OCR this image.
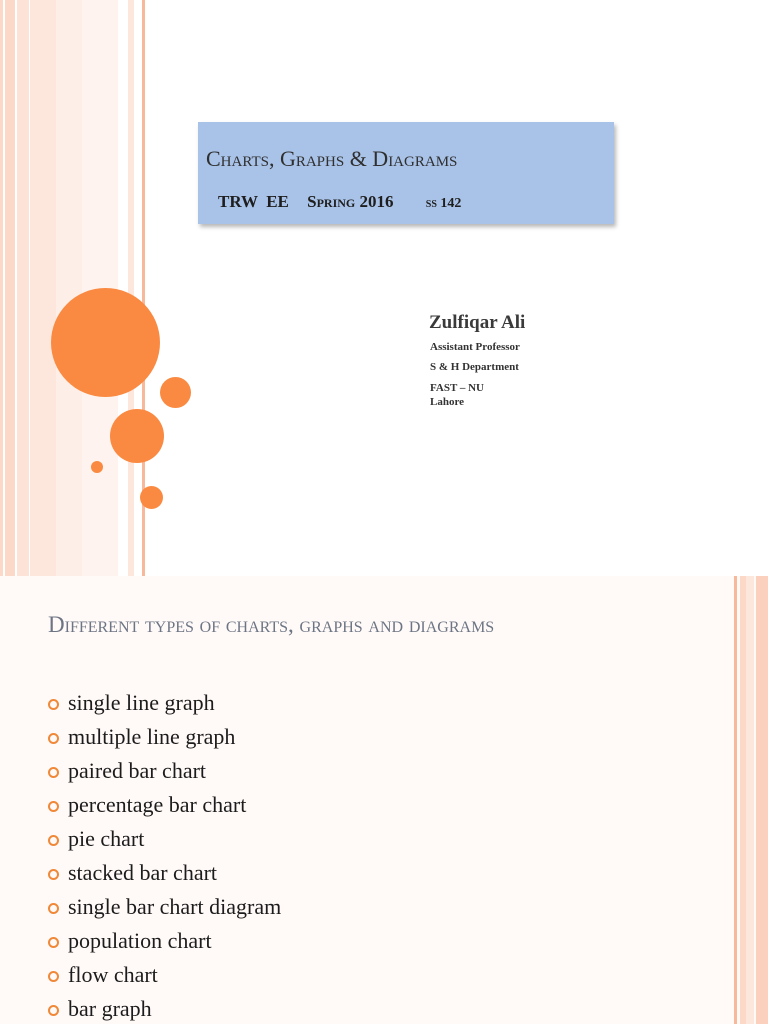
Charts, Graphs & Diagrams
TRW  EE Spring 2016 ss 142
Zulfiqar Ali
Assistant Professor
S & H Department
FAST – NU
Lahore
Different types of charts, graphs and diagrams
single line graph
multiple line graph
paired bar chart
percentage bar chart
pie chart
stacked bar chart
single bar chart diagram
population chart
flow chart
bar graph
